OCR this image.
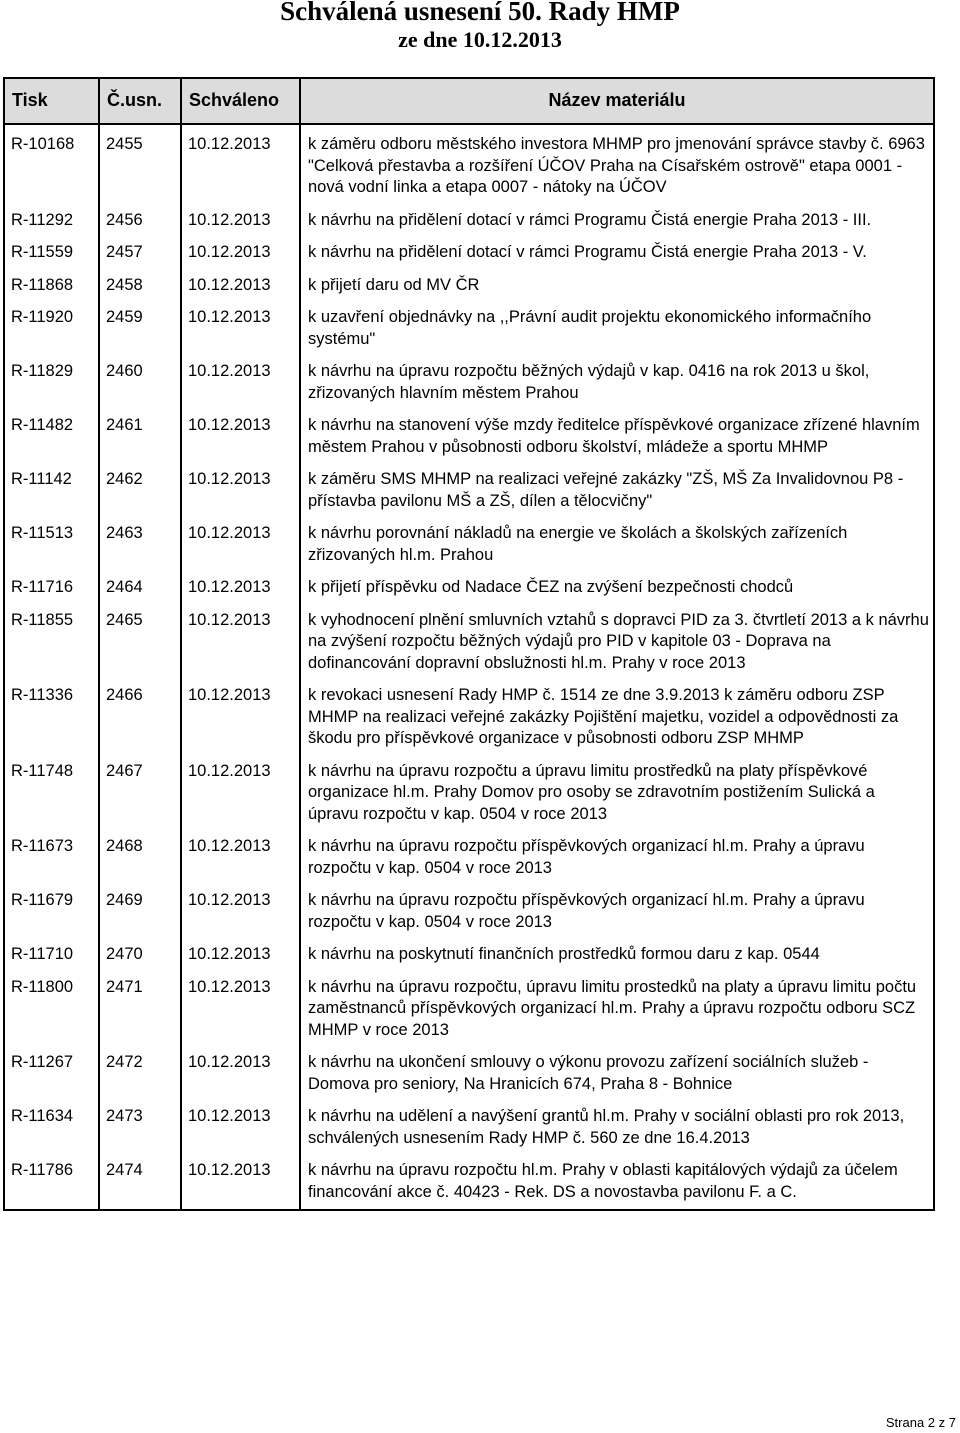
Schválená usnesení 50. Rady HMP
ze dne 10.12.2013
Tisk	Č.usn.	Schváleno	Název materiálu
R-10168	2455	10.12.2013	k záměru odboru městského investora MHMP pro jmenování správce stavby č. 6963 "Celková přestavba a rozšíření ÚČOV Praha na Císařském ostrově" etapa 0001 - nová vodní linka a etapa 0007 - nátoky na ÚČOV
R-11292	2456	10.12.2013	k návrhu na přidělení dotací v rámci Programu Čistá energie Praha 2013 - III.
R-11559	2457	10.12.2013	k návrhu na přidělení dotací v rámci Programu Čistá energie Praha 2013 - V.
R-11868	2458	10.12.2013	k přijetí daru od MV ČR
R-11920	2459	10.12.2013	k uzavření objednávky na ,,Právní audit projektu ekonomického informačního systému"
R-11829	2460	10.12.2013	k návrhu na úpravu rozpočtu běžných výdajů v kap. 0416 na rok 2013 u škol, zřizovaných hlavním městem Prahou
R-11482	2461	10.12.2013	k návrhu na stanovení výše mzdy ředitelce příspěvkové organizace zřízené hlavním městem Prahou v působnosti odboru školství, mládeže a sportu MHMP
R-11142	2462	10.12.2013	k záměru SMS MHMP na realizaci veřejné zakázky "ZŠ, MŠ Za Invalidovnou P8 - přístavba pavilonu MŠ a ZŠ, dílen a tělocvičny"
R-11513	2463	10.12.2013	k návrhu porovnání nákladů na energie ve školách a školských zařízeních zřizovaných hl.m. Prahou
R-11716	2464	10.12.2013	k přijetí příspěvku od Nadace ČEZ na zvýšení bezpečnosti chodců
R-11855	2465	10.12.2013	k vyhodnocení plnění smluvních vztahů s dopravci PID za 3. čtvrtletí 2013 a k návrhu na zvýšení rozpočtu běžných výdajů pro PID v kapitole 03 - Doprava na dofinancování dopravní obslužnosti hl.m. Prahy v roce 2013
R-11336	2466	10.12.2013	k revokaci usnesení Rady HMP č. 1514 ze dne 3.9.2013 k záměru odboru ZSP MHMP na realizaci veřejné zakázky Pojištění majetku, vozidel a odpovědnosti za škodu pro příspěvkové organizace v působnosti odboru ZSP MHMP
R-11748	2467	10.12.2013	k návrhu na úpravu rozpočtu a úpravu limitu prostředků na platy příspěvkové organizace hl.m. Prahy Domov pro osoby se zdravotním postižením Sulická a úpravu rozpočtu v kap. 0504 v roce 2013
R-11673	2468	10.12.2013	k návrhu na úpravu rozpočtu příspěvkových organizací hl.m. Prahy a úpravu rozpočtu v kap. 0504 v roce 2013
R-11679	2469	10.12.2013	k návrhu na úpravu rozpočtu příspěvkových organizací hl.m. Prahy a úpravu rozpočtu v kap. 0504 v roce 2013
R-11710	2470	10.12.2013	k návrhu na poskytnutí finančních prostředků formou daru z kap. 0544
R-11800	2471	10.12.2013	k návrhu na úpravu rozpočtu, úpravu limitu prostedků na platy a úpravu limitu počtu zaměstnanců příspěvkových organizací hl.m. Prahy a úpravu rozpočtu odboru SCZ MHMP v roce 2013
R-11267	2472	10.12.2013	k návrhu na ukončení smlouvy o výkonu provozu zařízení sociálních služeb - Domova pro seniory, Na Hranicích 674, Praha 8 - Bohnice
R-11634	2473	10.12.2013	k návrhu na udělení a navýšení grantů hl.m. Prahy v sociální oblasti pro rok 2013, schválených usnesením Rady HMP č. 560 ze dne 16.4.2013
R-11786	2474	10.12.2013	k návrhu na úpravu rozpočtu hl.m. Prahy v oblasti kapitálových výdajů za účelem financování akce č. 40423 - Rek. DS a novostavba pavilonu F. a C.
Strana 2 z 7
